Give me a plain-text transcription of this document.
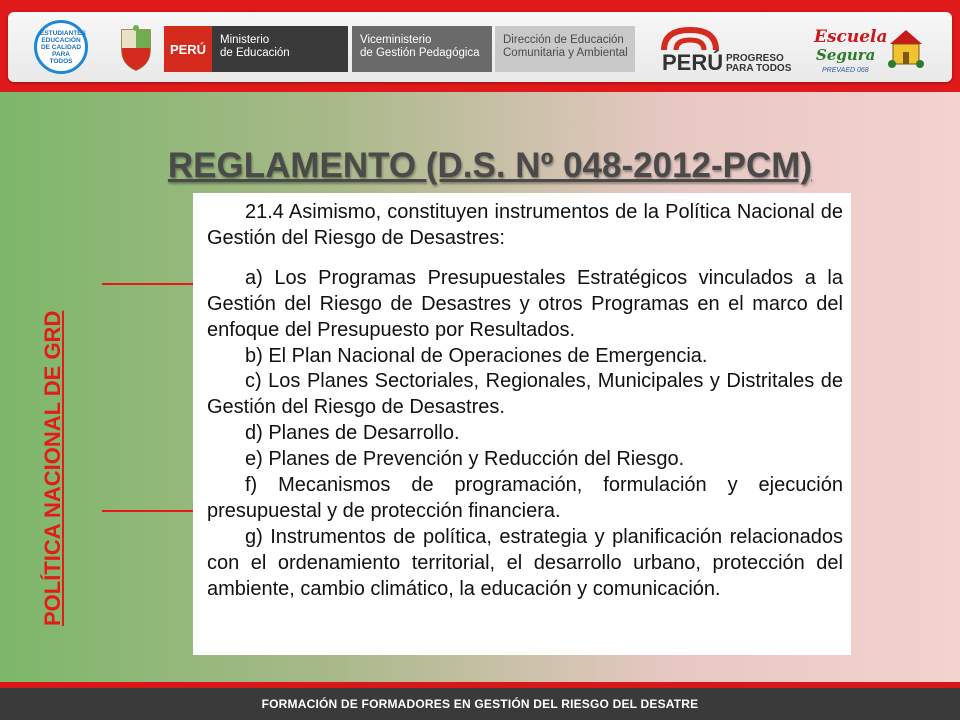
ESTUDIANTES EDUCACIÓN DE CALIDAD PARA TODOS
PERÚ
Ministerio
de Educación
Viceministerio
de Gestión Pedagógica
Dirección de Educación
Comunitaria y Ambiental	PERÚ PROGRESO
PARA TODOS
Escuela
Segura
PREVAED 068
REGLAMENTO (D.S. Nº 048-2012-PCM)
POLÍTICA NACIONAL DE GRD

21.4 Asimismo, constituyen instrumentos de la Política Nacional de Gestión del Riesgo de Desastres:

a) Los Programas Presupuestales Estratégicos vinculados a la Gestión del Riesgo de Desastres y otros Programas en el marco del enfoque del Presupuesto por Resultados.

b) El Plan Nacional de Operaciones de Emergencia.

c) Los Planes Sectoriales, Regionales, Municipales y Distritales de Gestión del Riesgo de Desastres.

d) Planes de Desarrollo.

e) Planes de Prevención y Reducción del Riesgo.

f) Mecanismos de programación, formulación y ejecución presupuestal y de protección financiera.

g) Instrumentos de política, estrategia y planificación relacionados con el ordenamiento territorial, el desarrollo urbano, protección del ambiente, cambio climático, la educación y comunicación.

FORMACIÓN DE FORMADORES EN GESTIÓN DEL RIESGO DEL DESATRE
